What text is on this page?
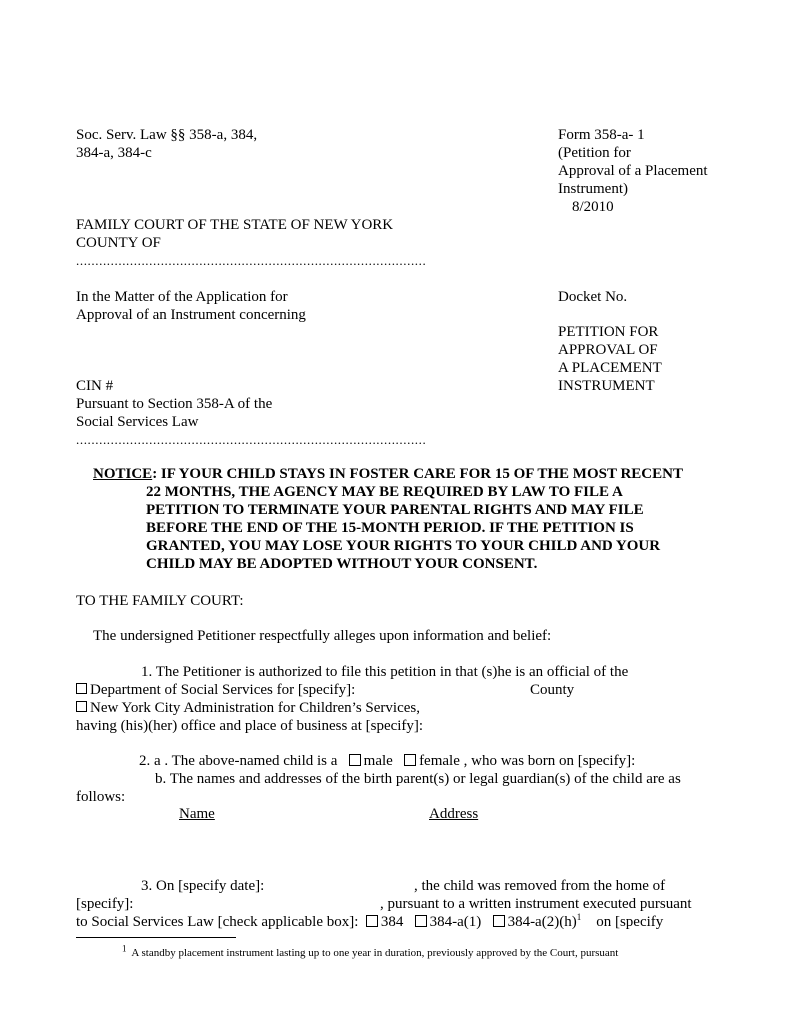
Soc. Serv. Law §§ 358-a, 384,
384-a, 384-c
Form 358-a- 1
(Petition for
Approval of a Placement
Instrument)
8/2010
FAMILY COURT OF THE STATE OF NEW YORK
COUNTY OF
...........................................................................................
In the Matter of the Application for
Approval of an Instrument concerning
Docket No.
PETITION FOR
APPROVAL OF
A PLACEMENT
INSTRUMENT
CIN #
Pursuant to Section 358-A of the
Social Services Law
...........................................................................................
NOTICE: IF YOUR CHILD STAYS IN FOSTER CARE FOR 15 OF THE MOST RECENT
22 MONTHS, THE AGENCY MAY BE REQUIRED BY LAW TO FILE A
PETITION TO TERMINATE YOUR PARENTAL RIGHTS AND MAY FILE
BEFORE THE END OF THE 15-MONTH PERIOD. IF THE PETITION IS
GRANTED, YOU MAY LOSE YOUR RIGHTS TO YOUR CHILD AND YOUR
CHILD MAY BE ADOPTED WITHOUT YOUR CONSENT.
TO THE FAMILY COURT:
The undersigned Petitioner respectfully alleges upon information and belief:
1. The Petitioner is authorized to file this petition in that (s)he is an official of the
Department of Social Services for [specify]:	County
New York City Administration for Children’s Services,
having (his)(her) office and place of business at [specify]:
2. a . The above-named child is a male female , who was born on [specify]:
b. The names and addresses of the birth parent(s) or legal guardian(s) of the child are as
follows:
Name	Address
3. On [specify date]:	, the child was removed from the home of
[specify]:	, pursuant to a written instrument executed pursuant
to Social Services Law [check applicable box]: 384 384-a(1) $384-a(2)(h)^1$ on [specify
$^1$ A standby placement instrument lasting up to one year in duration, previously approved by the Court, pursuant
